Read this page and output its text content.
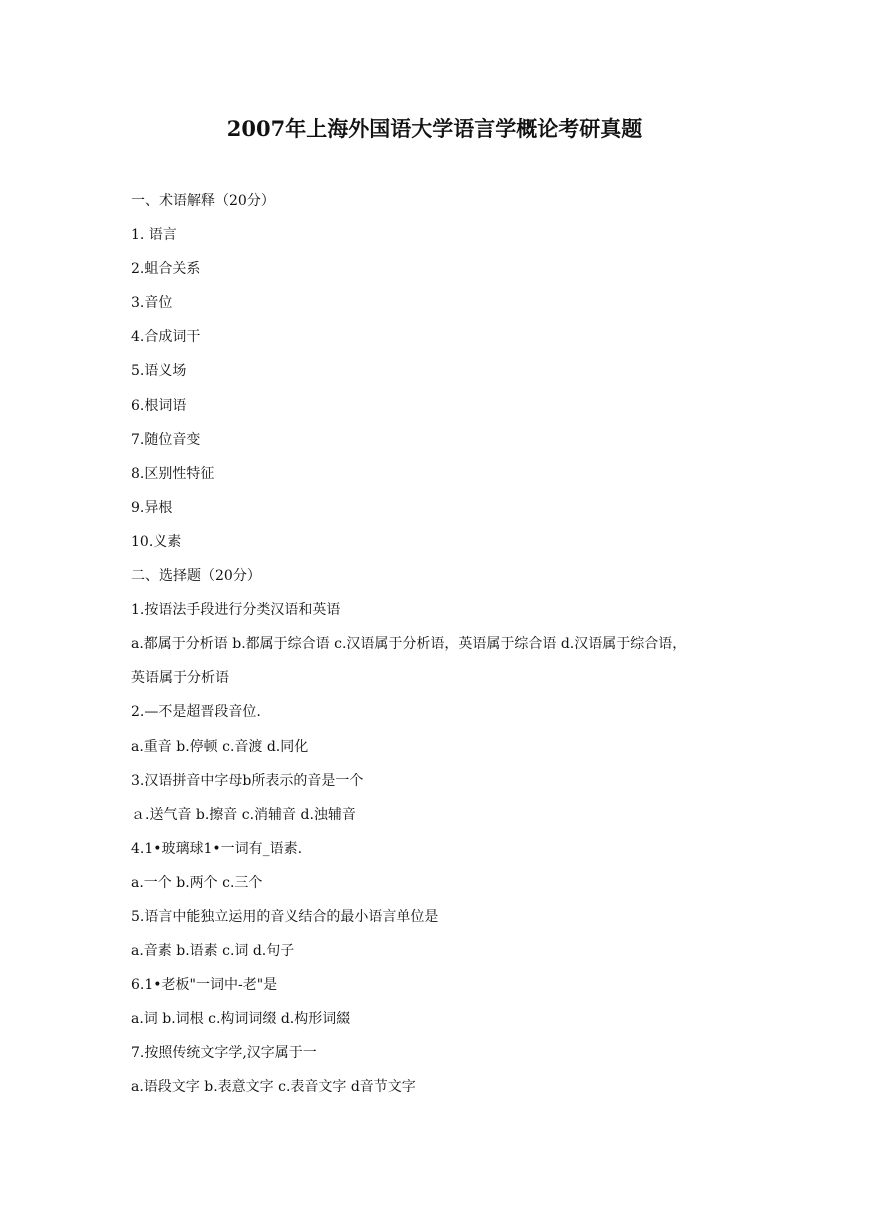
2007年上海外国语大学语言学概论考研真题
一、术语解释（20分）
1. 语言
2.蛆合关系
3.音位
4.合成词干
5.语义场
6.根词语
7.随位音变
8.区别性特征
9.异根
10.义素
二、选择题（20分）
1.按语法手段进行分类汉语和英语
a.都属于分析语 b.都属于综合语 c.汉语属于分析语，英语属于综合语 d.汉语属于综合语，
英语属于分析语
2.—不是超晋段音位.
a.重音 b.停顿 c.音渡 d.同化
3.汉语拼音中字母b所表示的音是一个
ａ.送气音 b.擦音 c.消辅音 d.浊辅音
4.1•玻璃球1•一词有_语素.
a.一个 b.两个 c.三个
5.语言中能独立运用的音义结合的最小语言单位是
a.音素 b.语素 c.词 d.句子
6.1•老板"一词中-老"是
a.词 b.词根 c.构词词缀 d.构形词綴
7.按照传统文字学,汉字属于一
a.语段文字 b.表意文字 c.表音文字 d音节文字
